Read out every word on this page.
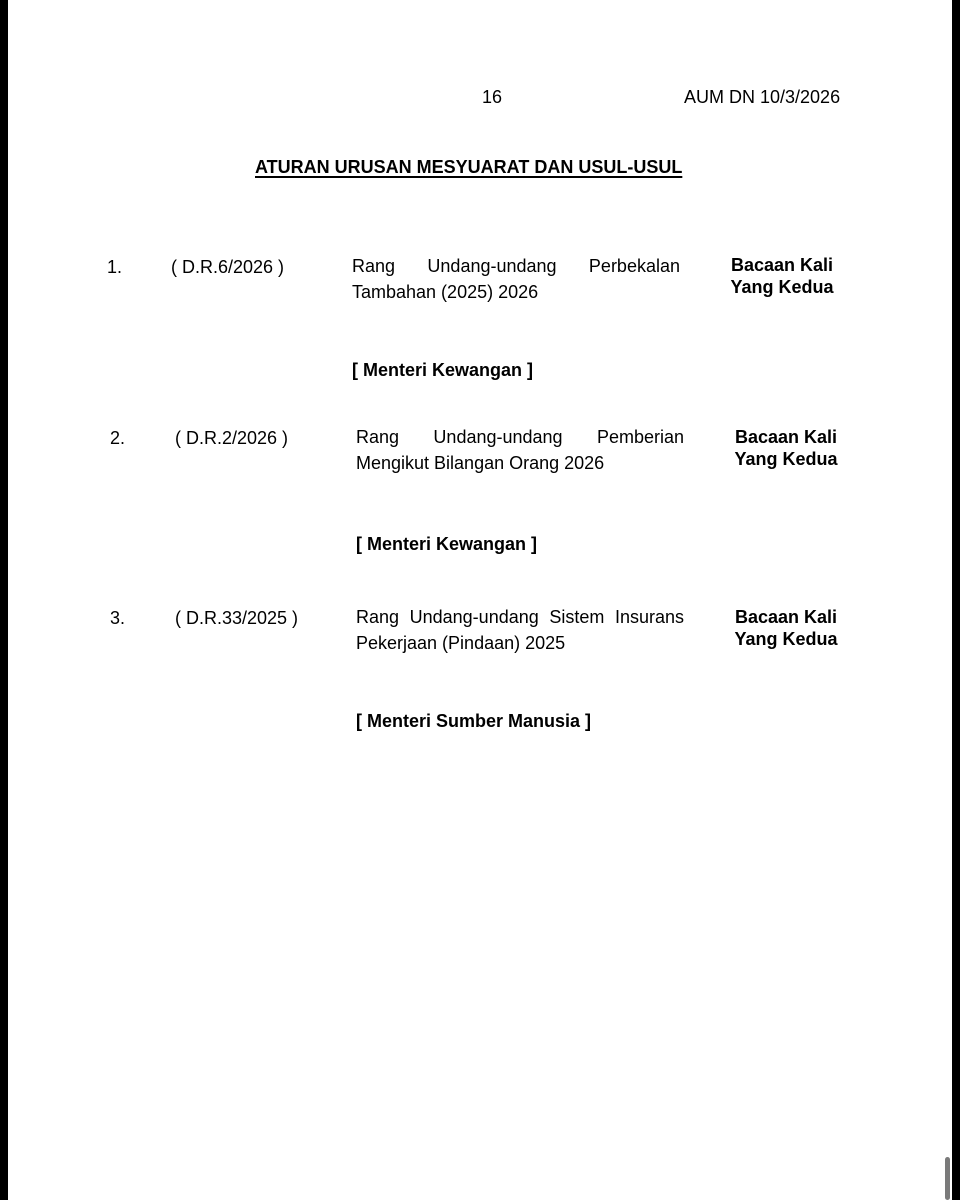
16	AUM DN 10/3/2026
ATURAN URUSAN MESYUARAT DAN USUL-USUL
1.	( D.R.6/2026 )	Rang Undang-undang Perbekalan
Tambahan (2025) 2026
Bacaan Kali Yang Kedua
[ Menteri Kewangan ]
2.	( D.R.2/2026 )	Rang Undang-undang Pemberian
Mengikut Bilangan Orang 2026
Bacaan Kali Yang Kedua
[ Menteri Kewangan ]
3.	( D.R.33/2025 )	Rang Undang-undang Sistem Insurans
Pekerjaan (Pindaan) 2025
Bacaan Kali Yang Kedua
[ Menteri Sumber Manusia ]
